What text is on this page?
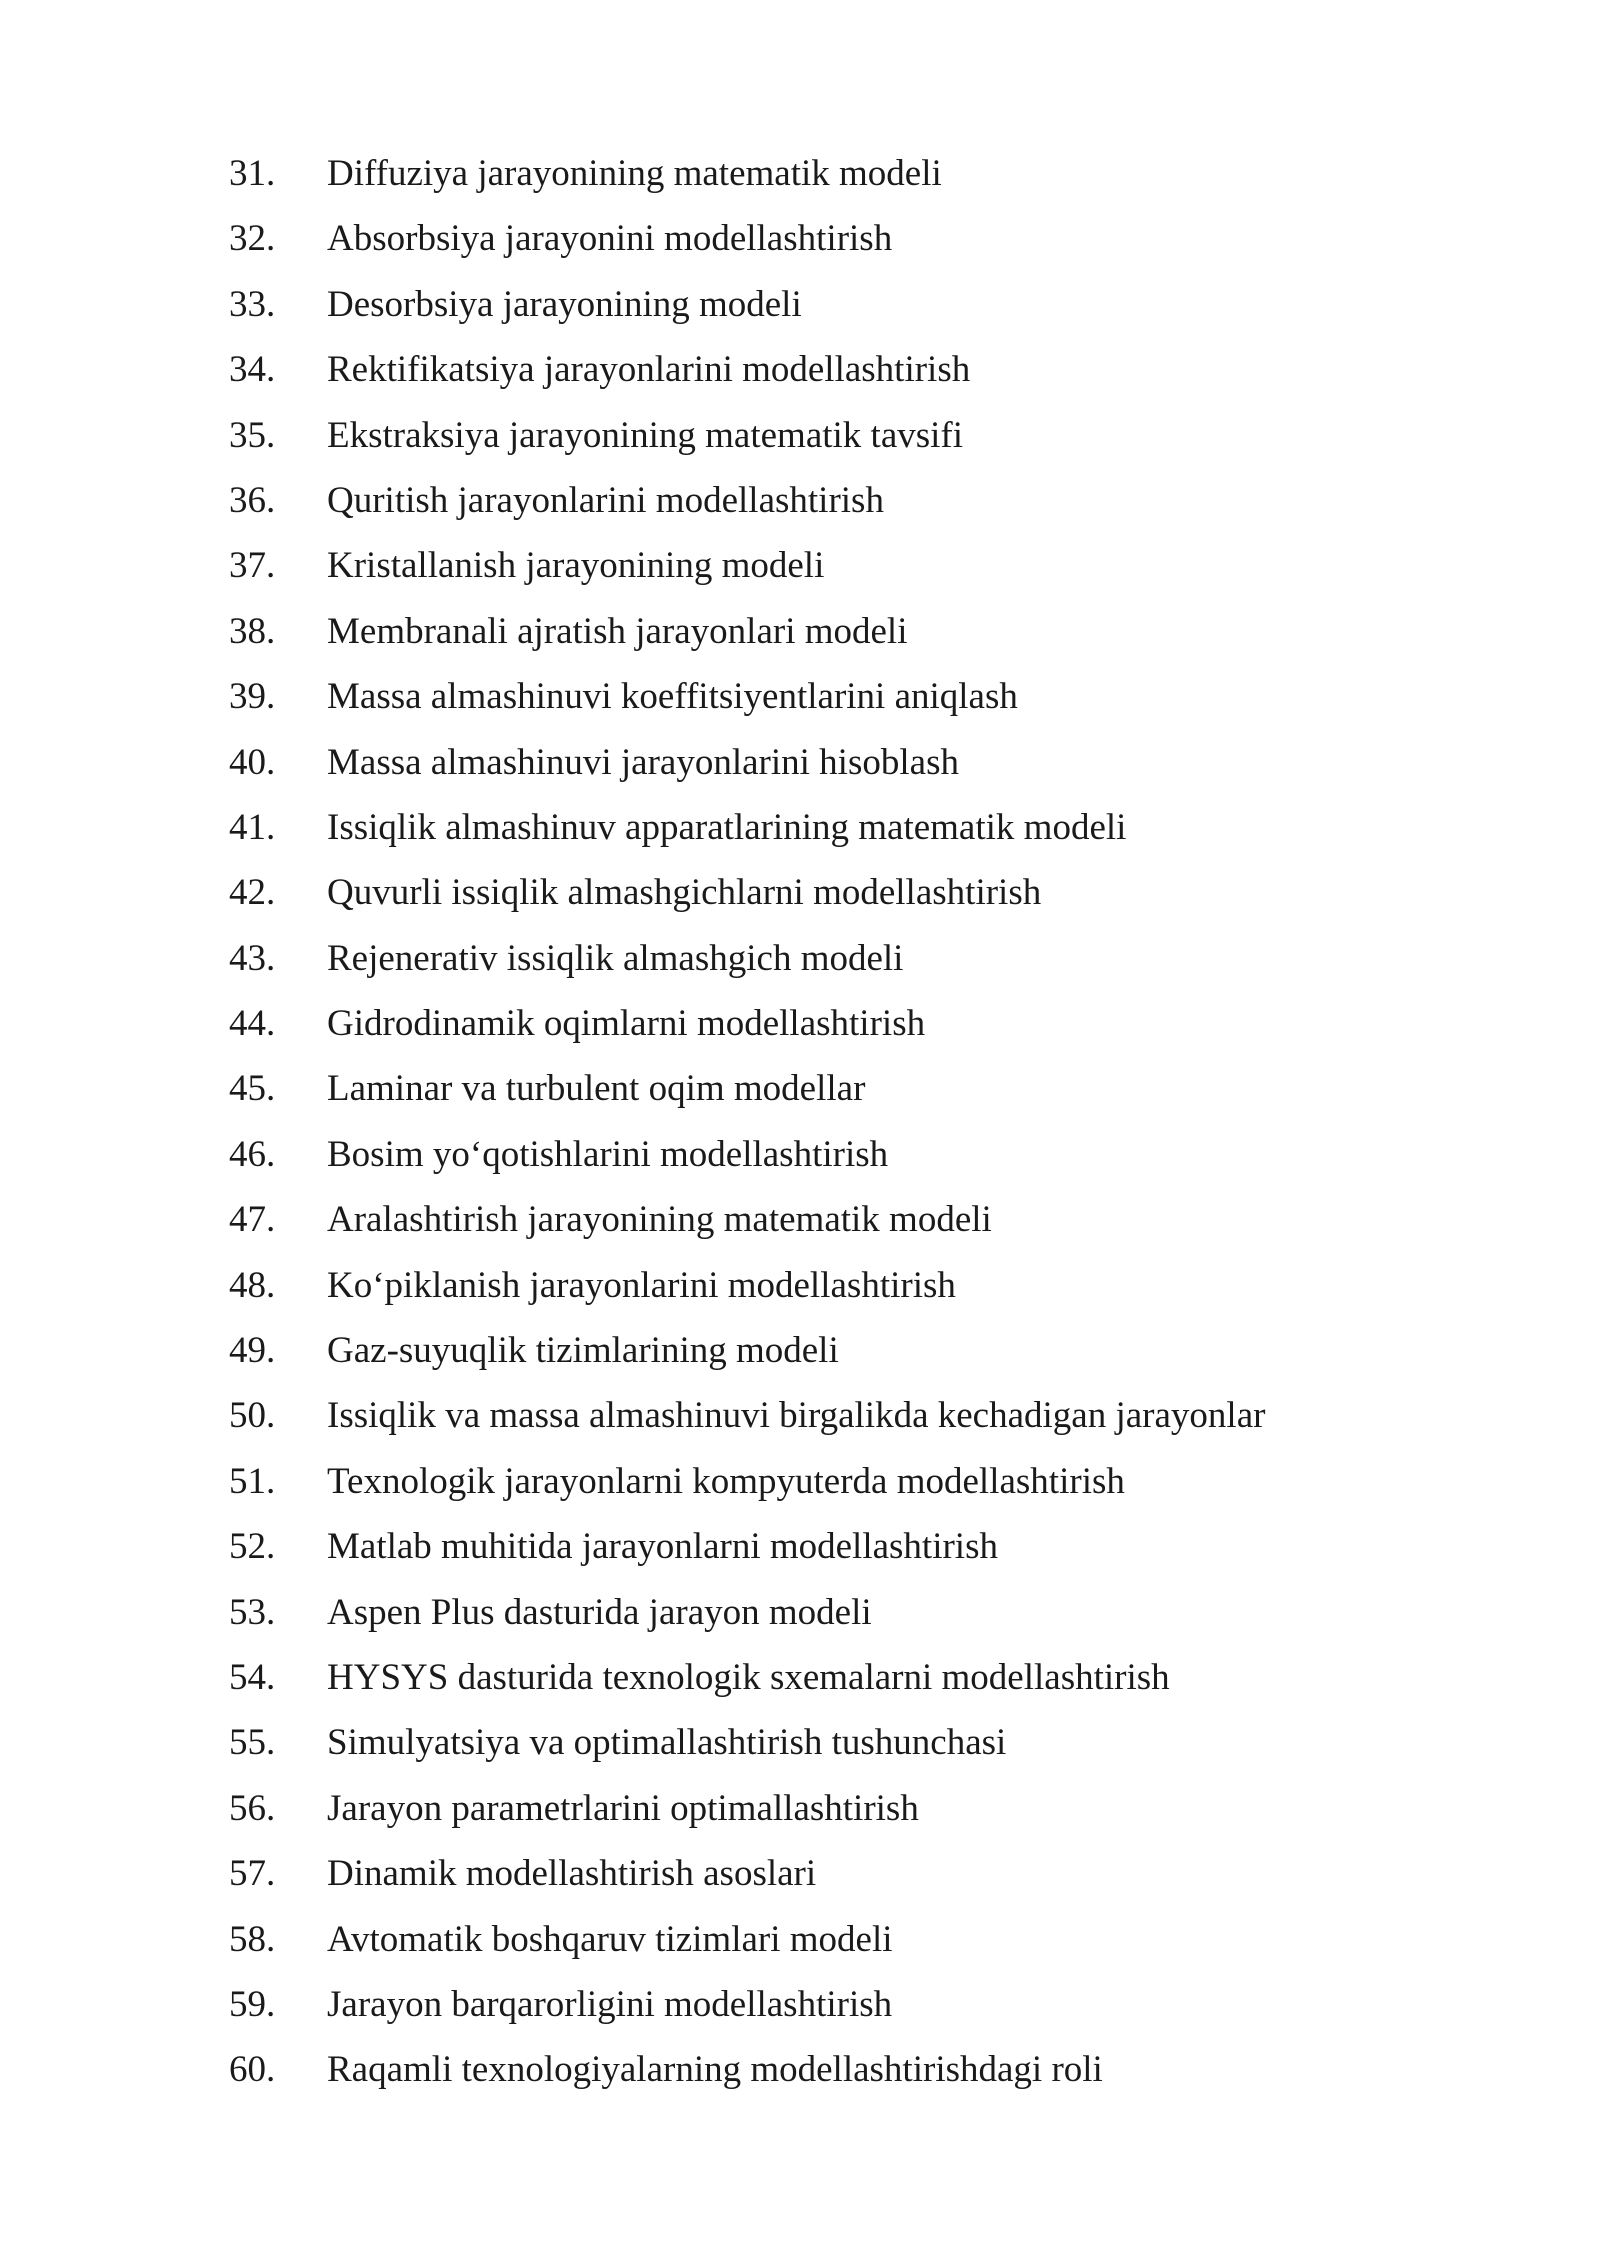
31.	Diffuziya jarayonining matematik modeli
32.	Absorbsiya jarayonini modellashtirish
33.	Desorbsiya jarayonining modeli
34.	Rektifikatsiya jarayonlarini modellashtirish
35.	Ekstraksiya jarayonining matematik tavsifi
36.	Quritish jarayonlarini modellashtirish
37.	Kristallanish jarayonining modeli
38.	Membranali ajratish jarayonlari modeli
39.	Massa almashinuvi koeffitsiyentlarini aniqlash
40.	Massa almashinuvi jarayonlarini hisoblash
41.	Issiqlik almashinuv apparatlarining matematik modeli
42.	Quvurli issiqlik almashgichlarni modellashtirish
43.	Rejenerativ issiqlik almashgich modeli
44.	Gidrodinamik oqimlarni modellashtirish
45.	Laminar va turbulent oqim modellar
46.	Bosim yo‘qotishlarini modellashtirish
47.	Aralashtirish jarayonining matematik modeli
48.	Ko‘piklanish jarayonlarini modellashtirish
49.	Gaz-suyuqlik tizimlarining modeli
50.	Issiqlik va massa almashinuvi birgalikda kechadigan jarayonlar
51.	Texnologik jarayonlarni kompyuterda modellashtirish
52.	Matlab muhitida jarayonlarni modellashtirish
53.	Aspen Plus dasturida jarayon modeli
54.	HYSYS dasturida texnologik sxemalarni modellashtirish
55.	Simulyatsiya va optimallashtirish tushunchasi
56.	Jarayon parametrlarini optimallashtirish
57.	Dinamik modellashtirish asoslari
58.	Avtomatik boshqaruv tizimlari modeli
59.	Jarayon barqarorligini modellashtirish
60.	Raqamli texnologiyalarning modellashtirishdagi roli
